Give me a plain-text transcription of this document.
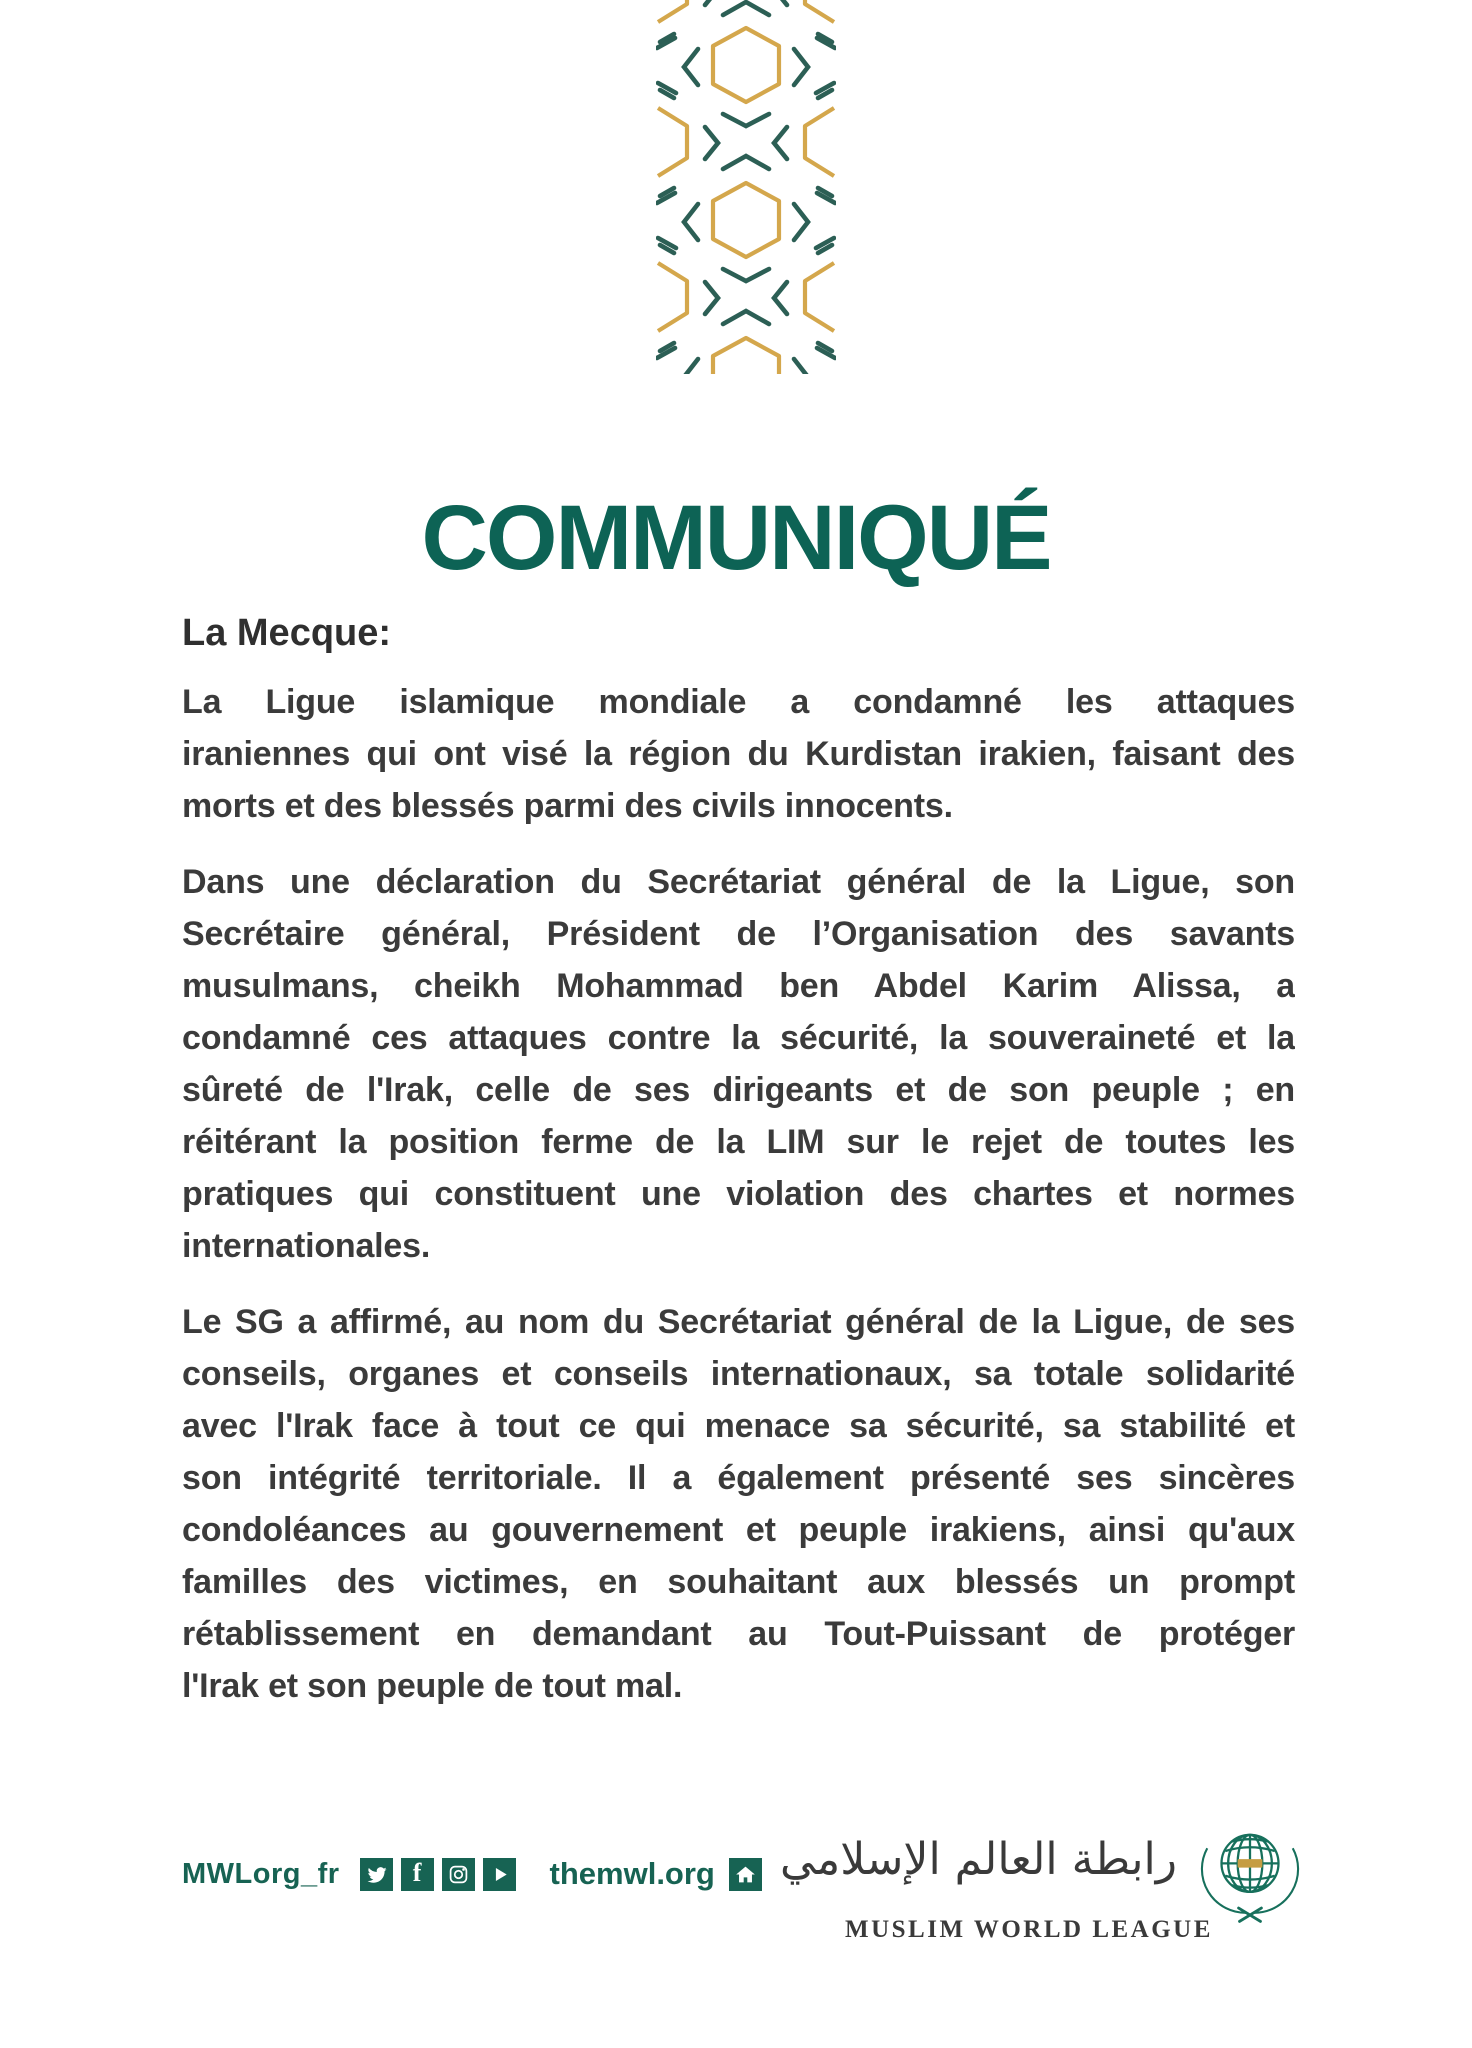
COMMUNIQUÉ
La Mecque:
La Ligue islamique mondiale a condamné les attaques
iraniennes qui ont visé la région du Kurdistan irakien, faisant des
morts et des blessés parmi des civils innocents.
Dans une déclaration du Secrétariat général de la Ligue, son
Secrétaire général, Président de l’Organisation des savants
musulmans, cheikh Mohammad ben Abdel Karim Alissa, a
condamné ces attaques contre la sécurité, la souveraineté et la
sûreté de l'Irak, celle de ses dirigeants et de son peuple ; en
réitérant la position ferme de la LIM sur le rejet de toutes les
pratiques qui constituent une violation des chartes et normes
internationales.
Le SG a affirmé, au nom du Secrétariat général de la Ligue, de ses
conseils, organes et conseils internationaux, sa totale solidarité
avec l'Irak face à tout ce qui menace sa sécurité, sa stabilité et
son intégrité territoriale. Il a également présenté ses sincères
condoléances au gouvernement et peuple irakiens, ainsi qu'aux
familles des victimes, en souhaitant aux blessés un prompt
rétablissement en demandant au Tout-Puissant de protéger
l'Irak et son peuple de tout mal.
MWLorg_fr	f	themwl.org رابطة العالم الإسلامي
MUSLIM WORLD LEAGUE
